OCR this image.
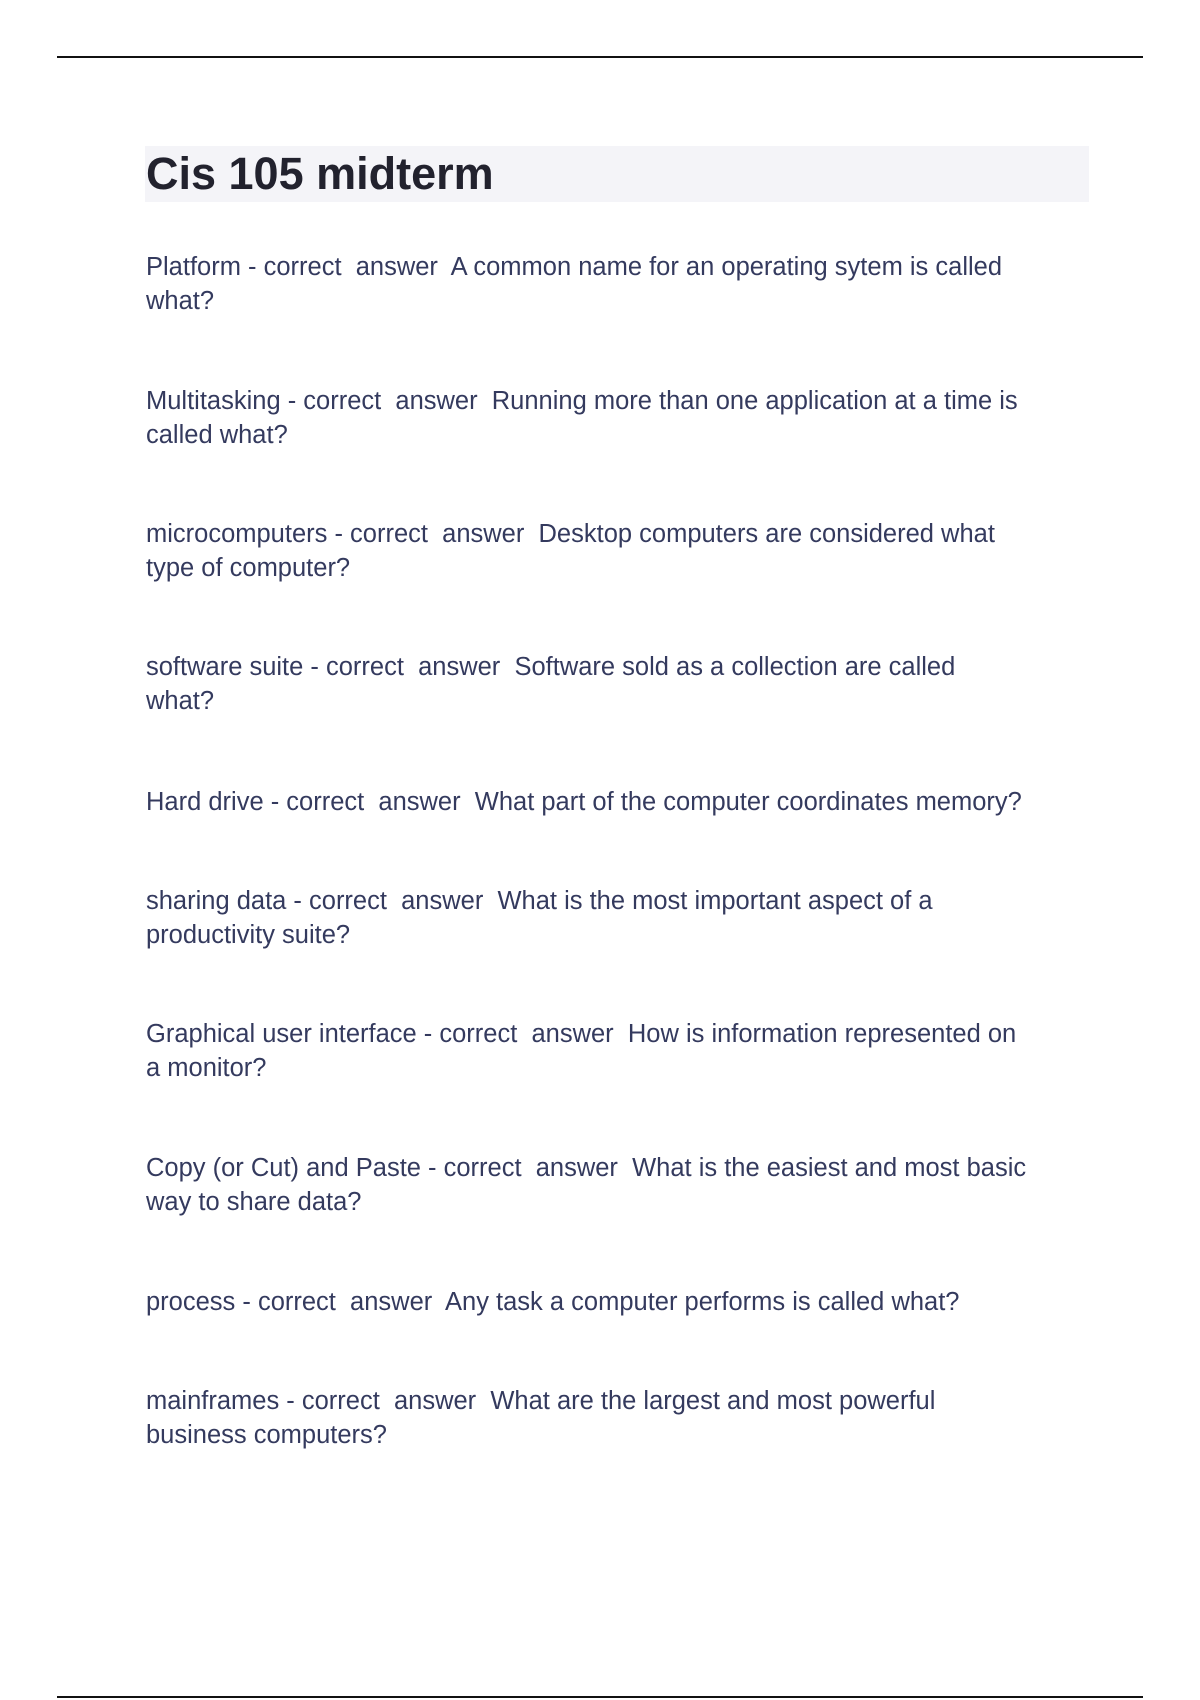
Cis 105 midterm

Platform - correct  answer  A common name for an operating sytem is called
what?

Multitasking - correct  answer  Running more than one application at a time is
called what?

microcomputers - correct  answer  Desktop computers are considered what
type of computer?

software suite - correct  answer  Software sold as a collection are called
what?

Hard drive - correct  answer  What part of the computer coordinates memory?

sharing data - correct  answer  What is the most important aspect of a
productivity suite?

Graphical user interface - correct  answer  How is information represented on
a monitor?

Copy (or Cut) and Paste - correct  answer  What is the easiest and most basic
way to share data?

process - correct  answer  Any task a computer performs is called what?

mainframes - correct  answer  What are the largest and most powerful
business computers?
